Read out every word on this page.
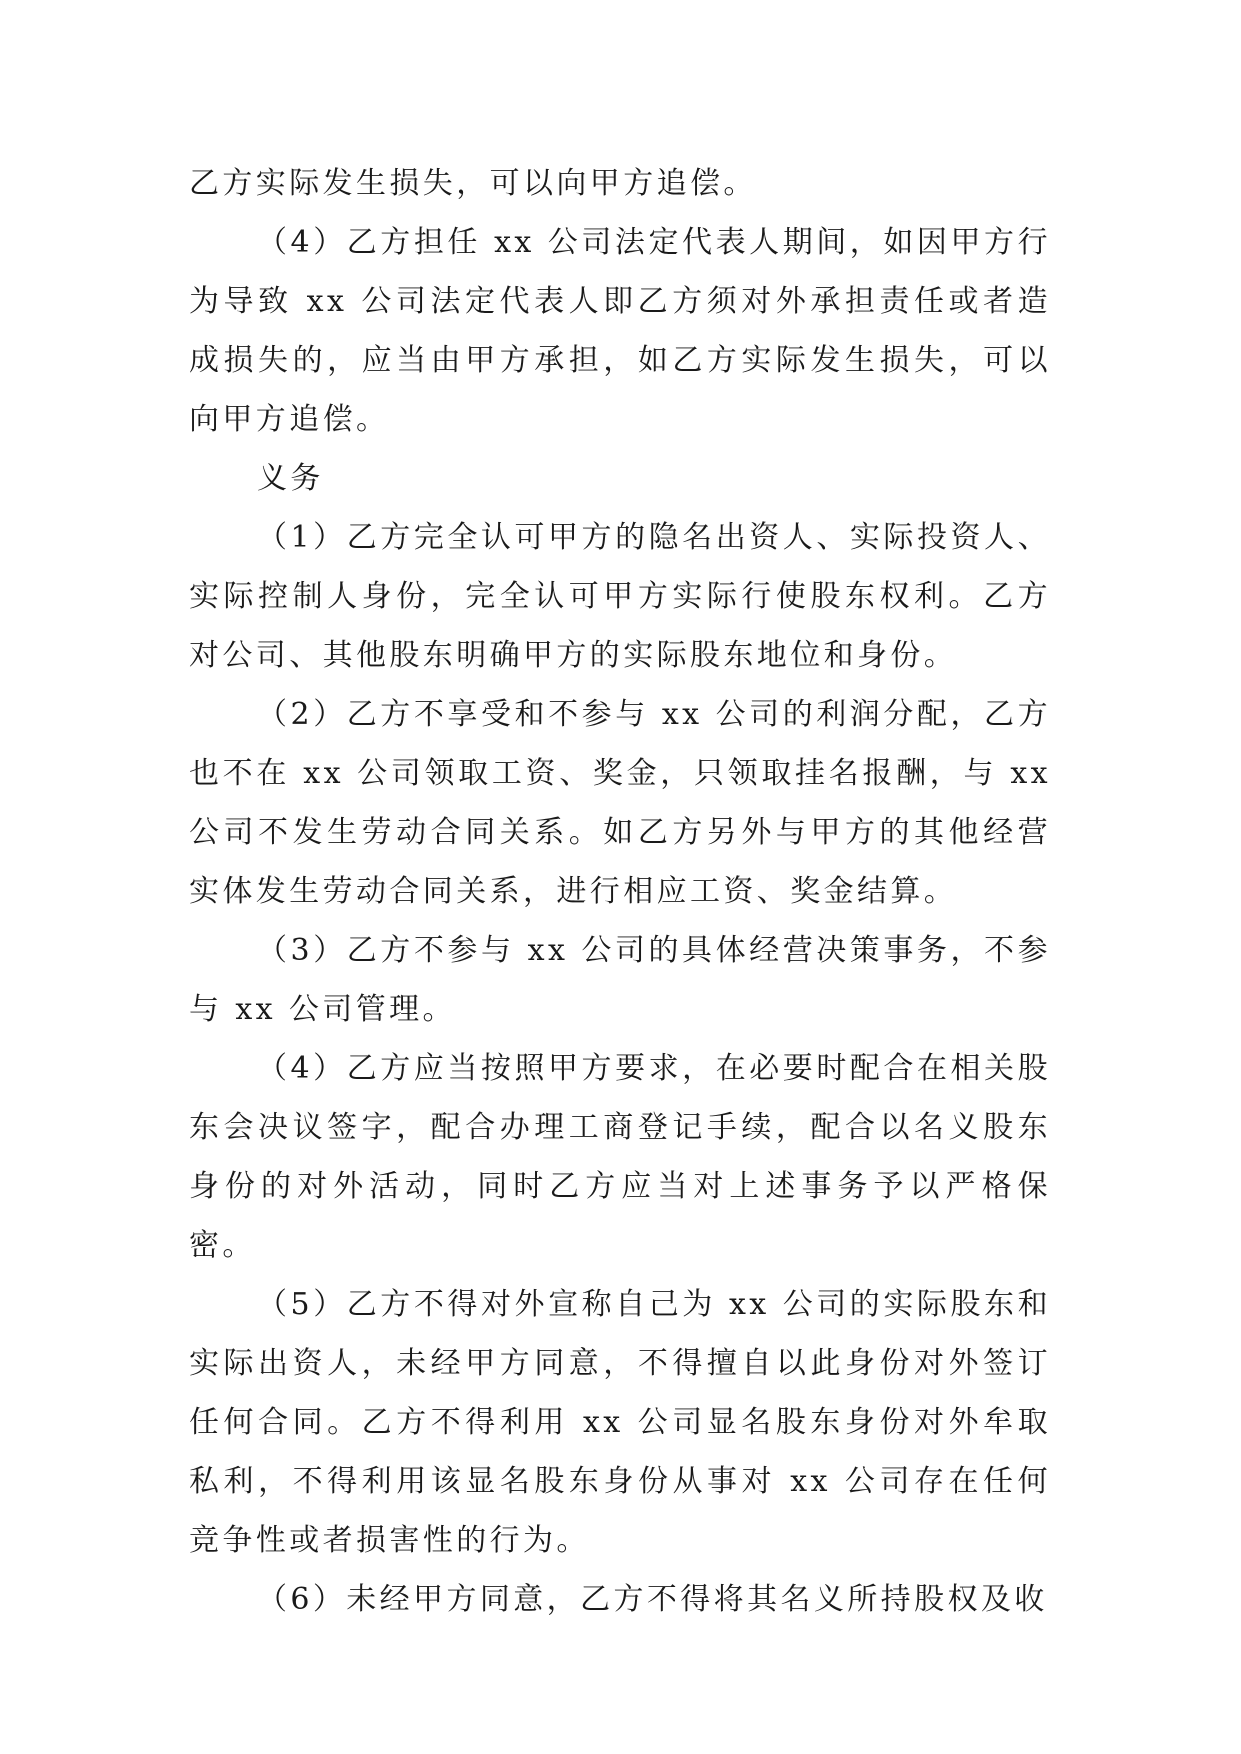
乙方实际发生损失，可以向甲方追偿。

（4）乙方担任 xx 公司法定代表人期间，如因甲方行为导致 xx 公司法定代表人即乙方须对外承担责任或者造成损失的，应当由甲方承担，如乙方实际发生损失，可以向甲方追偿。

义务

（1）乙方完全认可甲方的隐名出资人、实际投资人、实际控制人身份，完全认可甲方实际行使股东权利。乙方对公司、其他股东明确甲方的实际股东地位和身份。

（2）乙方不享受和不参与 xx 公司的利润分配，乙方也不在 xx 公司领取工资、奖金，只领取挂名报酬，与 xx 公司不发生劳动合同关系。如乙方另外与甲方的其他经营实体发生劳动合同关系，进行相应工资、奖金结算。

（3）乙方不参与 xx 公司的具体经营决策事务，不参与 xx 公司管理。

（4）乙方应当按照甲方要求，在必要时配合在相关股东会决议签字，配合办理工商登记手续，配合以名义股东身份的对外活动，同时乙方应当对上述事务予以严格保密。

（5）乙方不得对外宣称自己为 xx 公司的实际股东和实际出资人，未经甲方同意，不得擅自以此身份对外签订任何合同。乙方不得利用 xx 公司显名股东身份对外牟取私利，不得利用该显名股东身份从事对 xx 公司存在任何竞争性或者损害性的行为。

（6）未经甲方同意，乙方不得将其名义所持股权及收
